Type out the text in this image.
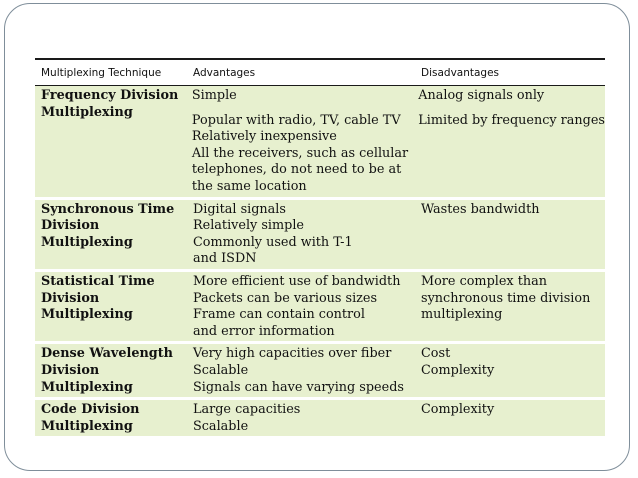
Multiplexing Technique	Advantages	Disadvantages
Frequency Division
Multiplexing
Simple
Popular with radio, TV, cable TV
Relatively inexpensive
All the receivers, such as cellular
telephones, do not need to be at
the same location
Analog signals only
Limited by frequency ranges
Synchronous Time
Division
Multiplexing
Digital signals
Relatively simple
Commonly used with T-1
and ISDN
Wastes bandwidth
Statistical Time
Division
Multiplexing
More efficient use of bandwidth
Packets can be various sizes
Frame can contain control
and error information
More complex than
synchronous time division
multiplexing
Dense Wavelength
Division
Multiplexing
Very high capacities over fiber
Scalable
Signals can have varying speeds
Cost
Complexity
Code Division
Multiplexing
Large capacities
Scalable
Complexity
